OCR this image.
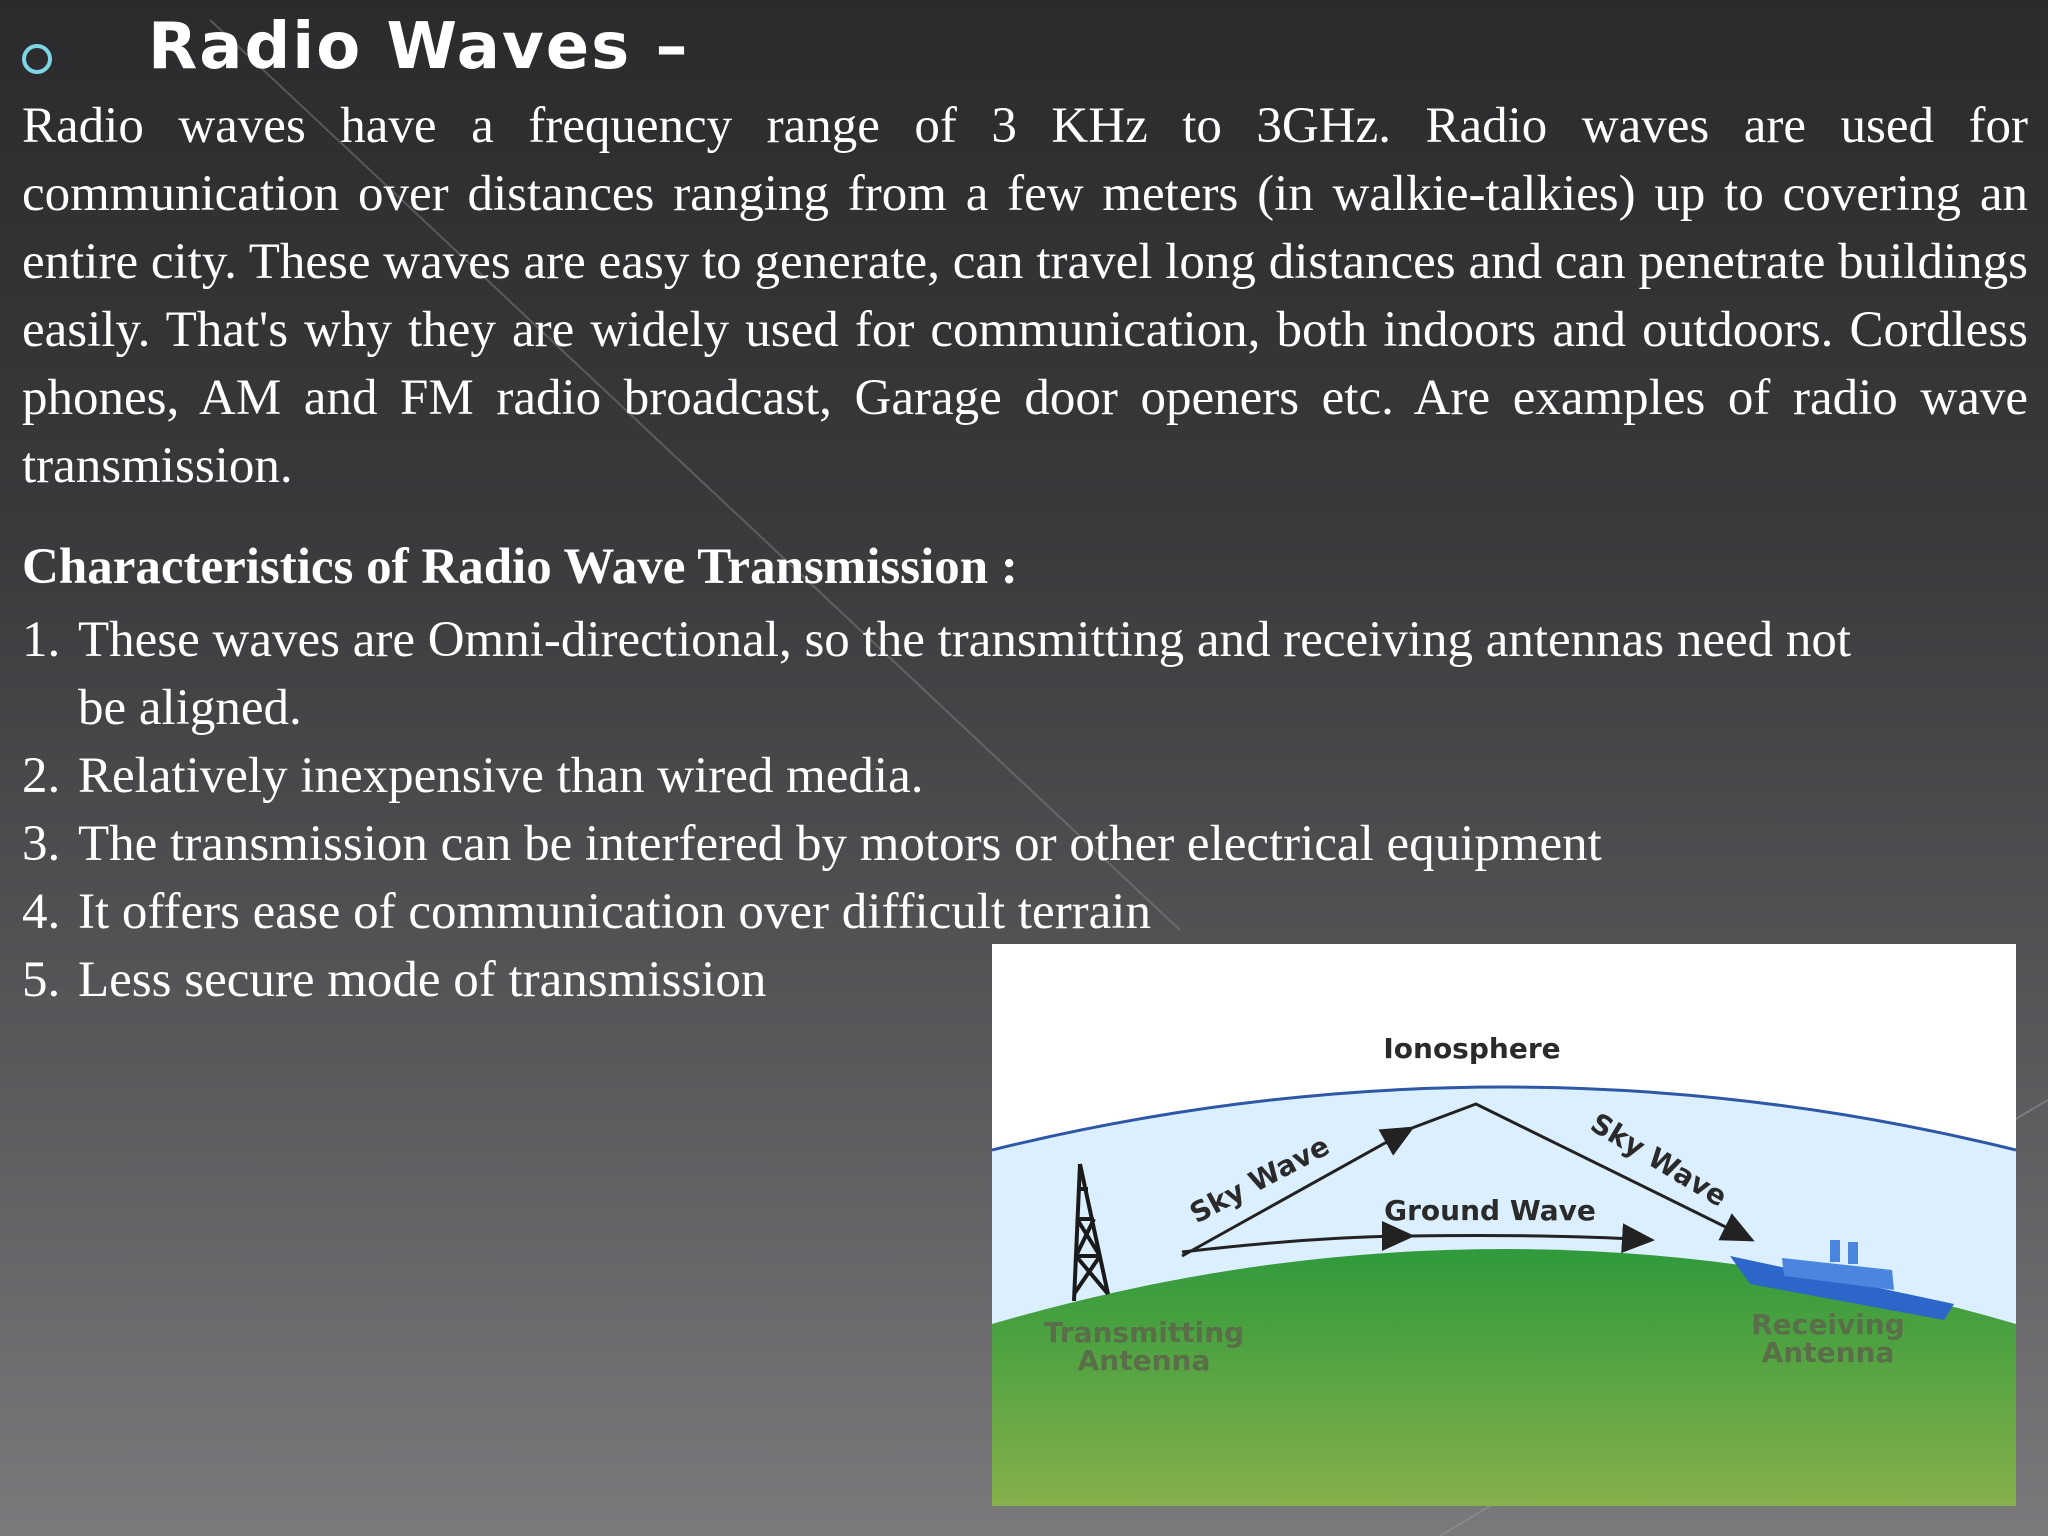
Radio Waves –

Radio waves have a frequency range of 3 KHz to 3GHz. Radio waves are used for communication over distances ranging from a few meters (in walkie-talkies) up to covering an entire city. These waves are easy to generate, can travel long distances and can penetrate buildings easily. That's why they are widely used for communication, both indoors and outdoors. Cordless phones, AM and FM radio broadcast, Garage door openers etc. Are examples of radio wave transmission.

Characteristics of Radio Wave Transmission :
1. These waves are Omni-directional, so the transmitting and receiving antennas need not be aligned.
2. Relatively inexpensive than wired media.
3. The transmission can be interfered by motors or other electrical equipment
4. It offers ease of communication over difficult terrain
5. Less secure mode of transmission
Ionosphere
Sky Wave	Sky Wave
Ground Wave
Transmitting
Antenna
Receiving
Antenna
